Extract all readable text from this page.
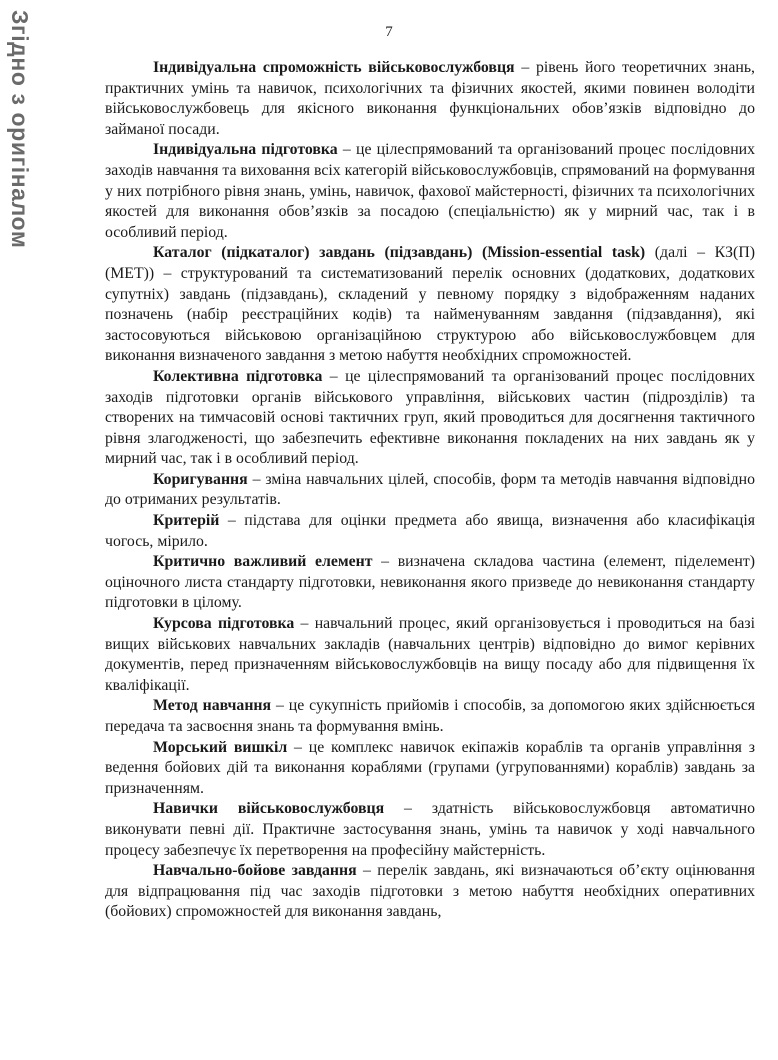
Згідно з оригіналом	7

Індивідуальна спроможність військовослужбовця – рівень його теоретичних знань, практичних умінь та навичок, психологічних та фізичних якостей, якими повинен володіти військовослужбовець для якісного виконання функціональних обов’язків відповідно до займаної посади.

Індивідуальна підготовка – це цілеспрямований та організований процес послідовних заходів навчання та виховання всіх категорій військовослужбовців, спрямований на формування у них потрібного рівня знань, умінь, навичок, фахової майстерності, фізичних та психологічних якостей для виконання обов’язків за посадою (спеціальністю) як у мирний час, так і в особливий період.

Каталог (підкаталог) завдань (підзавдань) (Mission-essential task) (далі – КЗ(П) (МЕТ)) – структурований та систематизований перелік основних (додаткових, додаткових супутніх) завдань (підзавдань), складений у певному порядку з відображенням наданих позначень (набір реєстраційних кодів) та найменуванням завдання (підзавдання), які застосовуються військовою організаційною структурою або військовослужбовцем для виконання визначеного завдання з метою набуття необхідних спроможностей.

Колективна підготовка – це цілеспрямований та організований процес послідовних заходів підготовки органів військового управління, військових частин (підрозділів) та створених на тимчасовій основі тактичних груп, який проводиться для досягнення тактичного рівня злагодженості, що забезпечить ефективне виконання покладених на них завдань як у мирний час, так і в особливий період.

Коригування – зміна навчальних цілей, способів, форм та методів навчання відповідно до отриманих результатів.

Критерій – підстава для оцінки предмета або явища, визначення або класифікація чогось, мірило.

Критично важливий елемент – визначена складова частина (елемент, піделемент) оціночного листа стандарту підготовки, невиконання якого призведе до невиконання стандарту підготовки в цілому.

Курсова підготовка – навчальний процес, який організовується і проводиться на базі вищих військових навчальних закладів (навчальних центрів) відповідно до вимог керівних документів, перед призначенням військовослужбовців на вищу посаду або для підвищення їх кваліфікації.

Метод навчання – це сукупність прийомів і способів, за допомогою яких здійснюється передача та засвоєння знань та формування вмінь.

Морський вишкіл – це комплекс навичок екіпажів кораблів та органів управління з ведення бойових дій та виконання кораблями (групами (угрупованнями) кораблів) завдань за призначенням.

Навички військовослужбовця – здатність військовослужбовця автоматично виконувати певні дії. Практичне застосування знань, умінь та навичок у ході навчального процесу забезпечує їх перетворення на професійну майстерність.

Навчально-бойове завдання – перелік завдань, які визначаються об’єкту оцінювання для відпрацювання під час заходів підготовки з метою набуття необхідних оперативних (бойових) спроможностей для виконання завдань,
